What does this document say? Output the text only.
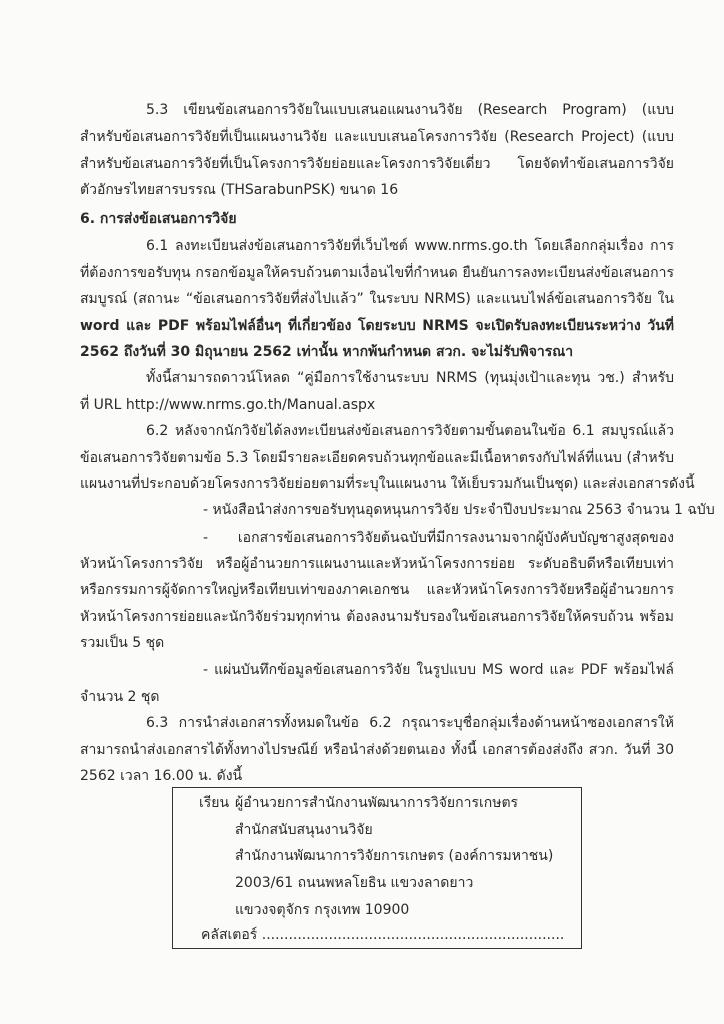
5.3 เขียนข้อเสนอการวิจัยในแบบเสนอแผนงานวิจัย (Research Program) (แบบ
สำหรับข้อเสนอการวิจัยที่เป็นแผนงานวิจัย และแบบเสนอโครงการวิจัย (Research Project) (แบบ
สำหรับข้อเสนอการวิจัยที่เป็นโครงการวิจัยย่อยและโครงการวิจัยเดี่ยว โดยจัดทำข้อเสนอการวิจัย
ตัวอักษรไทยสารบรรณ (THSarabunPSK) ขนาด 16
6. การส่งข้อเสนอการวิจัย
6.1 ลงทะเบียนส่งข้อเสนอการวิจัยที่เว็บไซต์ www.nrms.go.th โดยเลือกกลุ่มเรื่อง การ
ที่ต้องการขอรับทุน กรอกข้อมูลให้ครบถ้วนตามเงื่อนไขที่กำหนด ยืนยันการลงทะเบียนส่งข้อเสนอการ
สมบูรณ์ (สถานะ “ข้อเสนอการวิจัยที่ส่งไปแล้ว” ในระบบ NRMS) และแนบไฟล์ข้อเสนอการวิจัย ใน
word และ PDF พร้อมไฟล์อื่นๆ ที่เกี่ยวข้อง โดยระบบ NRMS จะเปิดรับลงทะเบียนระหว่าง วันที่
2562 ถึงวันที่ 30 มิถุนายน 2562 เท่านั้น หากพ้นกำหนด สวก. จะไม่รับพิจารณา
ทั้งนี้สามารถดาวน์โหลด “คู่มือการใช้งานระบบ NRMS (ทุนมุ่งเป้าและทุน วช.) สำหรับ
ที่ URL http://www.nrms.go.th/Manual.aspx
6.2 หลังจากนักวิจัยได้ลงทะเบียนส่งข้อเสนอการวิจัยตามขั้นตอนในข้อ 6.1 สมบูรณ์แล้ว
ข้อเสนอการวิจัยตามข้อ 5.3 โดยมีรายละเอียดครบถ้วนทุกข้อและมีเนื้อหาตรงกับไฟล์ที่แนบ (สำหรับ
แผนงานที่ประกอบด้วยโครงการวิจัยย่อยตามที่ระบุในแผนงาน ให้เย็บรวมกันเป็นชุด) และส่งเอกสารดังนี้
- หนังสือนำส่งการขอรับทุนอุดหนุนการวิจัย ประจำปีงบประมาณ 2563 จำนวน 1 ฉบับ
- เอกสารข้อเสนอการวิจัยต้นฉบับที่มีการลงนามจากผู้บังคับบัญชาสูงสุดของ
หัวหน้าโครงการวิจัย หรือผู้อำนวยการแผนงานและหัวหน้าโครงการย่อย ระดับอธิบดีหรือเทียบเท่า
หรือกรรมการผู้จัดการใหญ่หรือเทียบเท่าของภาคเอกชน และหัวหน้าโครงการวิจัยหรือผู้อำนวยการ
หัวหน้าโครงการย่อยและนักวิจัยร่วมทุกท่าน ต้องลงนามรับรองในข้อเสนอการวิจัยให้ครบถ้วน พร้อม
รวมเป็น 5 ชุด
- แผ่นบันทึกข้อมูลข้อเสนอการวิจัย ในรูปแบบ MS word และ PDF พร้อมไฟล์
จำนวน 2 ชุด
6.3 การนำส่งเอกสารทั้งหมดในข้อ 6.2 กรุณาระบุชื่อกลุ่มเรื่องด้านหน้าซองเอกสารให้
สามารถนำส่งเอกสารได้ทั้งทางไปรษณีย์ หรือนำส่งด้วยตนเอง ทั้งนี้ เอกสารต้องส่งถึง สวก. วันที่ 30
2562 เวลา 16.00 น. ดังนี้
เรียน ผู้อำนวยการสำนักงานพัฒนาการวิจัยการเกษตร
สำนักสนับสนุนงานวิจัย
สำนักงานพัฒนาการวิจัยการเกษตร (องค์การมหาชน)
2003/61 ถนนพหลโยธิน แขวงลาดยาว
แขวงจตุจักร กรุงเทพ 10900
คลัสเตอร์ ....................................................................
